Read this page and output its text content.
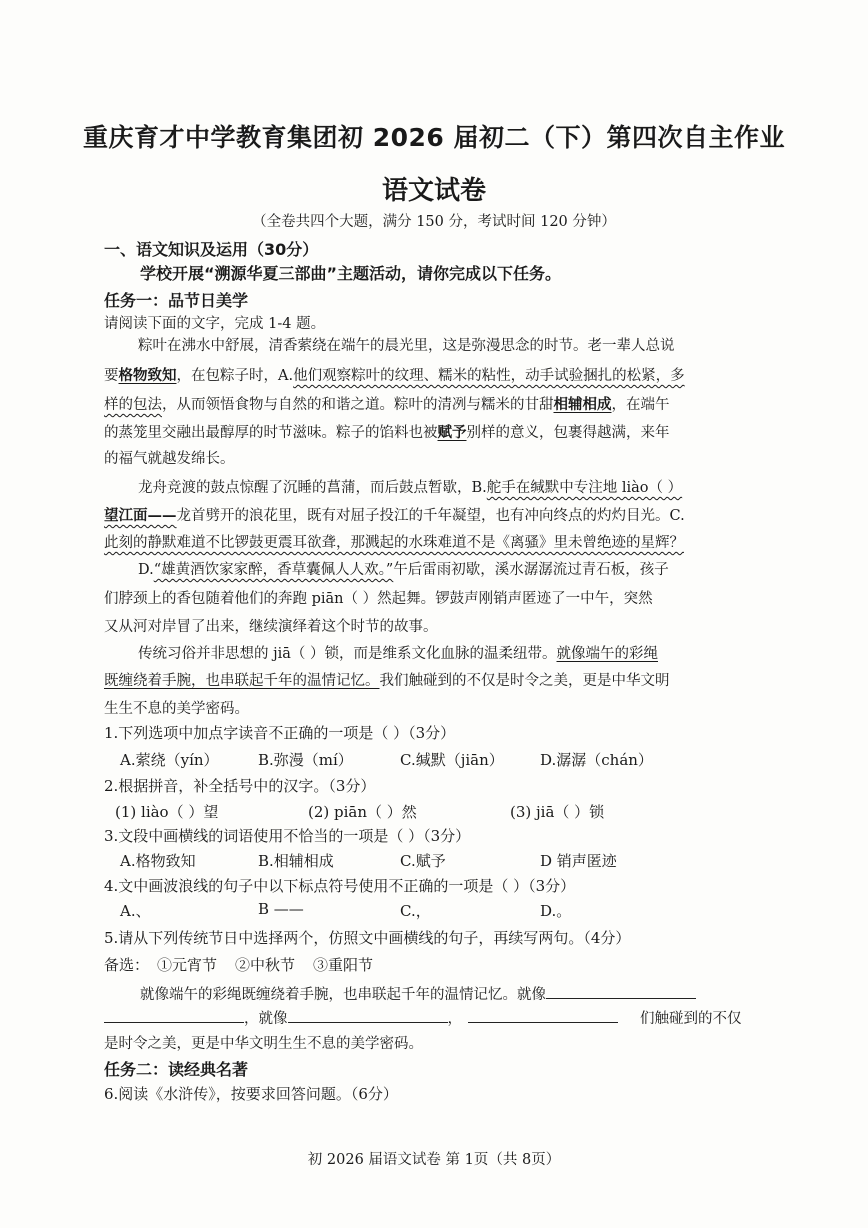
重庆育才中学教育集团初 2026 届初二（下）第四次自主作业
语文试卷
（全卷共四个大题，满分 150 分，考试时间 120 分钟）
一、语文知识及运用（30分）
学校开展“溯源华夏三部曲”主题活动，请你完成以下任务。
任务一：品节日美学
请阅读下面的文字，完成 1-4 题。
粽叶在沸水中舒展，清香萦绕在端午的晨光里，这是弥漫思念的时节。老一辈人总说
要格物致知，在包粽子时，A.他们观察粽叶的纹理、糯米的粘性，动手试验捆扎的松紧，多
样的包法，从而领悟食物与自然的和谐之道。粽叶的清冽与糯米的甘甜相辅相成，在端午
的蒸笼里交融出最醇厚的时节滋味。粽子的馅料也被赋予别样的意义，包裹得越满，来年
的福气就越发绵长。
龙舟竞渡的鼓点惊醒了沉睡的菖蒲，而后鼓点暂歇，B.舵手在缄默中专注地 liào（ ）
望江面——龙首劈开的浪花里，既有对屈子投江的千年凝望，也有冲向终点的灼灼目光。C.
此刻的静默难道不比锣鼓更震耳欲聋，那溅起的水珠难道不是《离骚》里未曾绝迹的星辉？
D.“雄黄酒饮家家醉，香草囊佩人人欢。”午后雷雨初歇，溪水潺潺流过青石板，孩子
们脖颈上的香包随着他们的奔跑 piān（ ）然起舞。锣鼓声刚销声匿迹了一中午，突然
又从河对岸冒了出来，继续演绎着这个时节的故事。
传统习俗并非思想的 jiā（ ）锁，而是维系文化血脉的温柔纽带。就像端午的彩绳
既缠绕着手腕，也串联起千年的温情记忆。我们触碰到的不仅是时令之美，更是中华文明
生生不息的美学密码。
1.下列选项中加点字读音不正确的一项是（ ）（3分）
A.萦绕（yín）	B.弥漫（mí）	C.缄默（jiān） D.潺潺（chán）
2.根据拼音，补全括号中的汉字。（3分）
(1) liào（ ）望	(2) piān（ ）然	(3) jiā（ ）锁
3.文段中画横线的词语使用不恰当的一项是（ ）（3分）
A.格物致知	B.相辅相成	C.赋予	D 销声匿迹
4.文中画波浪线的句子中以下标点符号使用不正确的一项是（ ）（3分）
A.、	B ——	C.，	D.。
5.请从下列传统节日中选择两个，仿照文中画横线的句子，再续写两句。（4分）
备选： ①元宵节 ②中秋节 ③重阳节
就像端午的彩绳既缠绕着手腕，也串联起千年的温情记忆。就像
，就像	，	们触碰到的不仅
是时令之美，更是中华文明生生不息的美学密码。
任务二：读经典名著
6.阅读《水浒传》，按要求回答问题。（6分）
初 2026 届语文试卷 第 1页（共 8页）
